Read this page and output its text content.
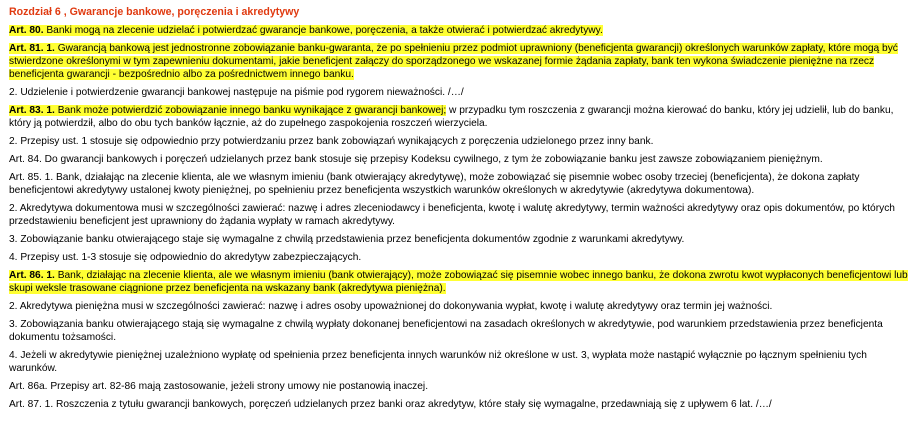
Rozdział 6 , Gwarancje bankowe, poręczenia i akredytywy

Art. 80. Banki mogą na zlecenie udzielać i potwierdzać gwarancje bankowe, poręczenia, a także otwierać i potwierdzać akredytywy.

Art. 81. 1. Gwarancją bankową jest jednostronne zobowiązanie banku-gwaranta, że po spełnieniu przez podmiot uprawniony (beneficjenta gwarancji) określonych warunków zapłaty, które mogą być stwierdzone określonymi w tym zapewnieniu dokumentami, jakie beneficjent załączy do sporządzonego we wskazanej formie żądania zapłaty, bank ten wykona świadczenie pieniężne na rzecz beneficjenta gwarancji - bezpośrednio albo za pośrednictwem innego banku.

2. Udzielenie i potwierdzenie gwarancji bankowej następuje na piśmie pod rygorem nieważności. /…/

Art. 83. 1. Bank może potwierdzić zobowiązanie innego banku wynikające z gwarancji bankowej; w przypadku tym roszczenia z gwarancji można kierować do banku, który jej udzielił, lub do banku, który ją potwierdził, albo do obu tych banków łącznie, aż do zupełnego zaspokojenia roszczeń wierzyciela.

2. Przepisy ust. 1 stosuje się odpowiednio przy potwierdzaniu przez bank zobowiązań wynikających z poręczenia udzielonego przez inny bank.

Art. 84. Do gwarancji bankowych i poręczeń udzielanych przez bank stosuje się przepisy Kodeksu cywilnego, z tym że zobowiązanie banku jest zawsze zobowiązaniem pieniężnym.

Art. 85. 1. Bank, działając na zlecenie klienta, ale we własnym imieniu (bank otwierający akredytywę), może zobowiązać się pisemnie wobec osoby trzeciej (beneficjenta), że dokona zapłaty beneficjentowi akredytywy ustalonej kwoty pieniężnej, po spełnieniu przez beneficjenta wszystkich warunków określonych w akredytywie (akredytywa dokumentowa).

2. Akredytywa dokumentowa musi w szczególności zawierać: nazwę i adres zleceniodawcy i beneficjenta, kwotę i walutę akredytywy, termin ważności akredytywy oraz opis dokumentów, po których przedstawieniu beneficjent jest uprawniony do żądania wypłaty w ramach akredytywy.

3. Zobowiązanie banku otwierającego staje się wymagalne z chwilą przedstawienia przez beneficjenta dokumentów zgodnie z warunkami akredytywy.

4. Przepisy ust. 1-3 stosuje się odpowiednio do akredytyw zabezpieczających.

Art. 86. 1. Bank, działając na zlecenie klienta, ale we własnym imieniu (bank otwierający), może zobowiązać się pisemnie wobec innego banku, że dokona zwrotu kwot wypłaconych beneficjentowi lub skupi weksle trasowane ciągnione przez beneficjenta na wskazany bank (akredytywa pieniężna).

2. Akredytywa pieniężna musi w szczególności zawierać: nazwę i adres osoby upoważnionej do dokonywania wypłat, kwotę i walutę akredytywy oraz termin jej ważności.

3. Zobowiązania banku otwierającego stają się wymagalne z chwilą wypłaty dokonanej beneficjentowi na zasadach określonych w akredytywie, pod warunkiem przedstawienia przez beneficjenta dokumentu tożsamości.

4. Jeżeli w akredytywie pieniężnej uzależniono wypłatę od spełnienia przez beneficjenta innych warunków niż określone w ust. 3, wypłata może nastąpić wyłącznie po łącznym spełnieniu tych warunków.

Art. 86a. Przepisy art. 82-86 mają zastosowanie, jeżeli strony umowy nie postanowią inaczej.

Art. 87. 1. Roszczenia z tytułu gwarancji bankowych, poręczeń udzielanych przez banki oraz akredytyw, które stały się wymagalne, przedawniają się z upływem 6 lat. /…/
